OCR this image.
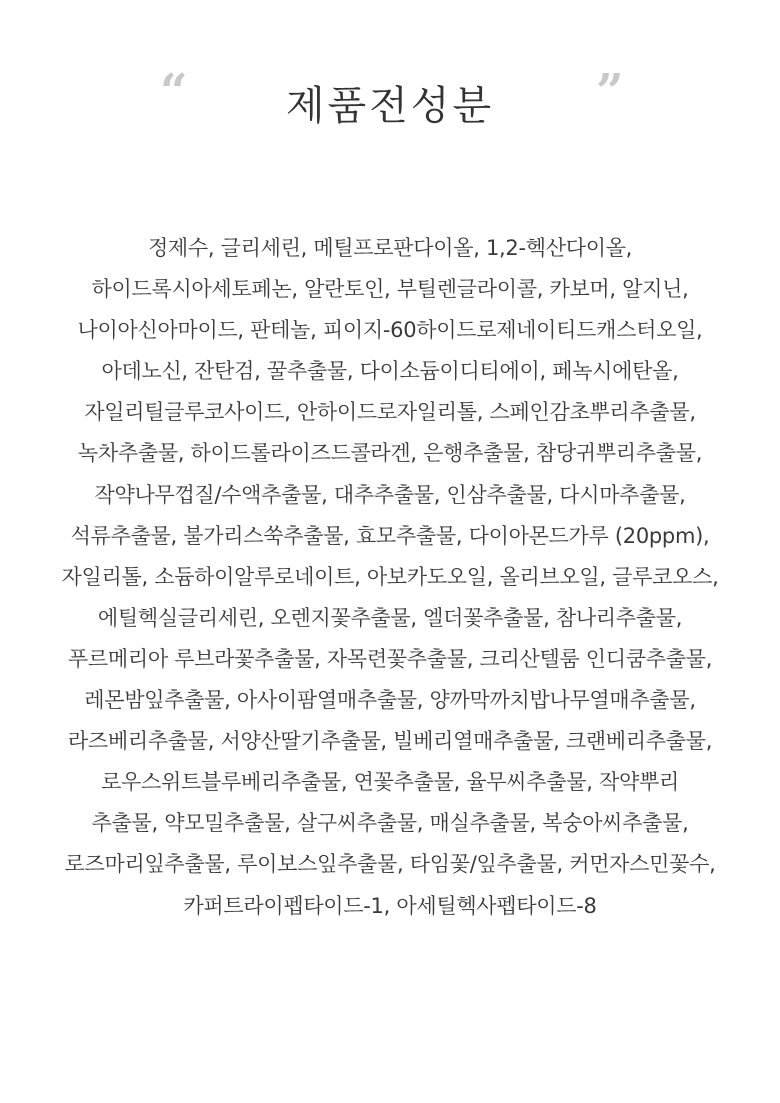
“	제품전성분	”
정제수, 글리세린, 메틸프로판다이올, 1,2-헥산다이올,
하이드록시아세토페논, 알란토인, 부틸렌글라이콜, 카보머, 알지닌,
나이아신아마이드, 판테놀, 피이지-60하이드로제네이티드캐스터오일,
아데노신, 잔탄검, 꿀추출물, 다이소듐이디티에이, 페녹시에탄올,
자일리틸글루코사이드, 안하이드로자일리톨, 스페인감초뿌리추출물,
녹차추출물, 하이드롤라이즈드콜라겐, 은행추출물, 참당귀뿌리추출물,
작약나무껍질/수액추출물, 대추추출물, 인삼추출물, 다시마추출물,
석류추출물, 불가리스쑥추출물, 효모추출물, 다이아몬드가루 (20ppm),
자일리톨, 소듐하이알루로네이트, 아보카도오일, 올리브오일, 글루코오스,
에틸헥실글리세린, 오렌지꽃추출물, 엘더꽃추출물, 참나리추출물,
푸르메리아 루브라꽃추출물, 자목련꽃추출물, 크리산텔룸 인디쿰추출물,
레몬밤잎추출물, 아사이팜열매추출물, 양까막까치밥나무열매추출물,
라즈베리추출물, 서양산딸기추출물, 빌베리열매추출물, 크랜베리추출물,
로우스위트블루베리추출물, 연꽃추출물, 율무씨추출물, 작약뿌리
추출물, 약모밀추출물, 살구씨추출물, 매실추출물, 복숭아씨추출물,
로즈마리잎추출물, 루이보스잎추출물, 타임꽃/잎추출물, 커먼자스민꽃수,
카퍼트라이펩타이드-1, 아세틸헥사펩타이드-8
